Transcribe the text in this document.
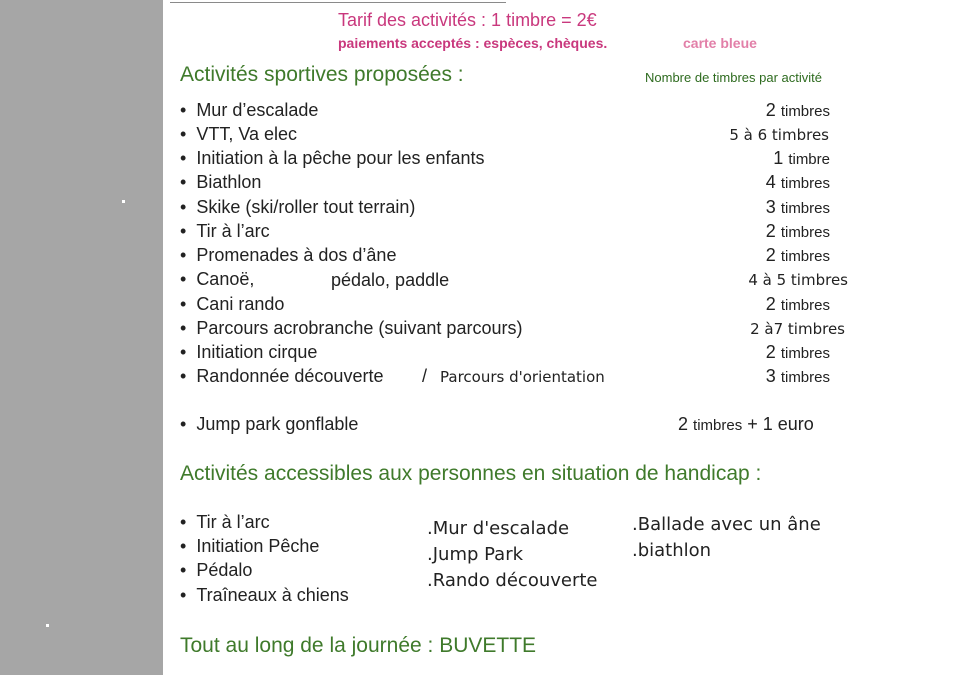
Tarif des activités : 1 timbre = 2€
paiements acceptés : espèces, chèques.	carte bleue
Activités sportives proposées :	Nombre de timbres par activité
• Mur d’escalade	2 timbres
• VTT, Va elec	5 à 6 timbres
• Initiation à la pêche pour les enfants	1 timbre
• Biathlon	4 timbres
• Skike (ski/roller tout terrain)	3 timbres
• Tir à l’arc	2 timbres
• Promenades à dos d’âne	2 timbres
• Canoë,	pédalo, paddle	4 à 5 timbres
• Cani rando	2 timbres
• Parcours acrobranche (suivant parcours)	2 à7 timbres
• Initiation cirque	2 timbres
• Randonnée découverte / Parcours d'orientation	3 timbres
• Jump park gonflable	2 timbres + 1 euro
Activités accessibles aux personnes en situation de handicap :
• Tir à l’arc
• Initiation Pêche
• Pédalo
• Traîneaux à chiens
.Mur d'escalade
.Jump Park
.Rando découverte
.Ballade avec un âne
.biathlon
Tout au long de la journée : BUVETTE
